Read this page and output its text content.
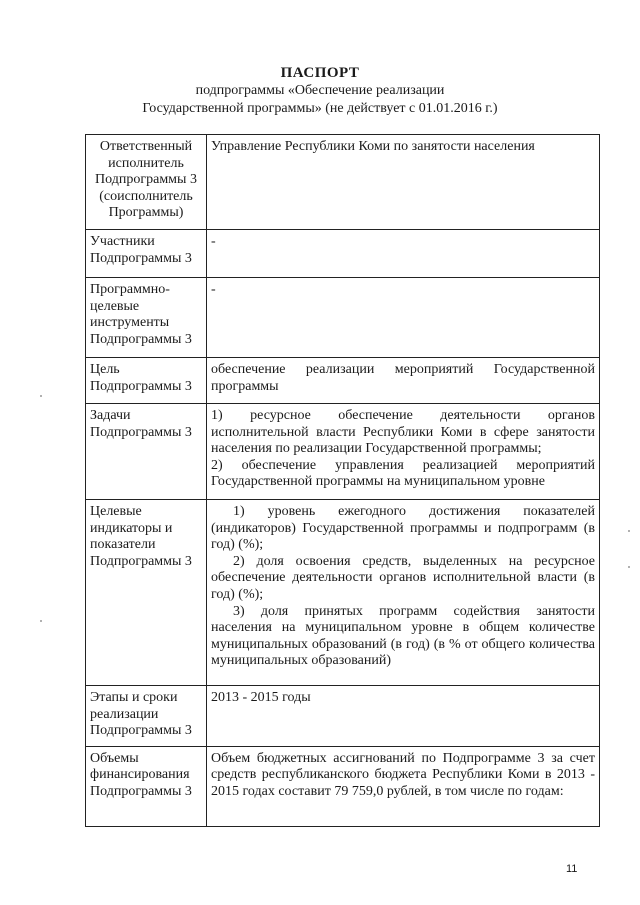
ПАСПОРТ
подпрограммы «Обеспечение реализации
Государственной программы» (не действует с 01.01.2016 г.)
Ответственный исполнитель Подпрограммы 3 (соисполнитель Программы)	Управление Республики Коми по занятости населения

Участники Подпрограммы 3	-

Программно-целевые инструменты Подпрограммы 3	-

Цель Подпрограммы 3	обеспечение реализации мероприятий Государственной программы

Задачи Подпрограммы 3	1) ресурсное обеспечение деятельности органов исполнительной власти Республики Коми в сфере занятости населения по реализации Государственной программы;

2) обеспечение управления реализацией мероприятий Государственной программы на муниципальном уровне

Целевые индикаторы и показатели Подпрограммы 3	1) уровень ежегодного достижения показателей (индикаторов) Государственной программы и подпрограмм (в год) (%);

2) доля освоения средств, выделенных на ресурсное обеспечение деятельности органов исполнительной власти (в год) (%);

3) доля принятых программ содействия занятости населения на муниципальном уровне в общем количестве муниципальных образований (в год) (в % от общего количества муниципальных образований)

Этапы и сроки реализации Подпрограммы 3	2013 - 2015 годы

Объемы финансирования Подпрограммы 3	Объем бюджетных ассигнований по Подпрограмме 3 за счет средств республиканского бюджета Республики Коми в 2013 - 2015 годах составит 79 759,0 рублей, в том числе по годам:

11
